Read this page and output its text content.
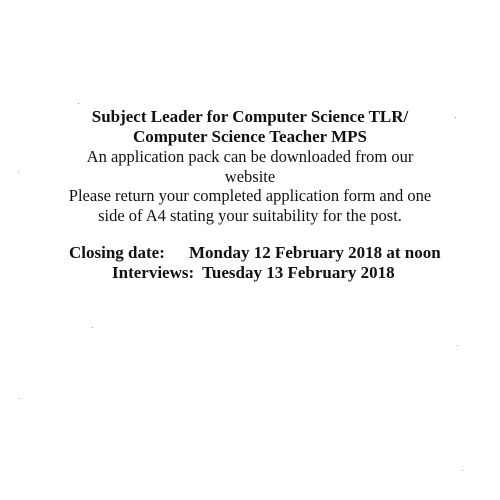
Subject Leader for Computer Science TLR/
Computer Science Teacher MPS
An application pack can be downloaded from our
website
Please return your completed application form and one
side of A4 stating your suitability for the post.
Closing date: Monday 12 February 2018 at noon
Interviews: Tuesday 13 February 2018
